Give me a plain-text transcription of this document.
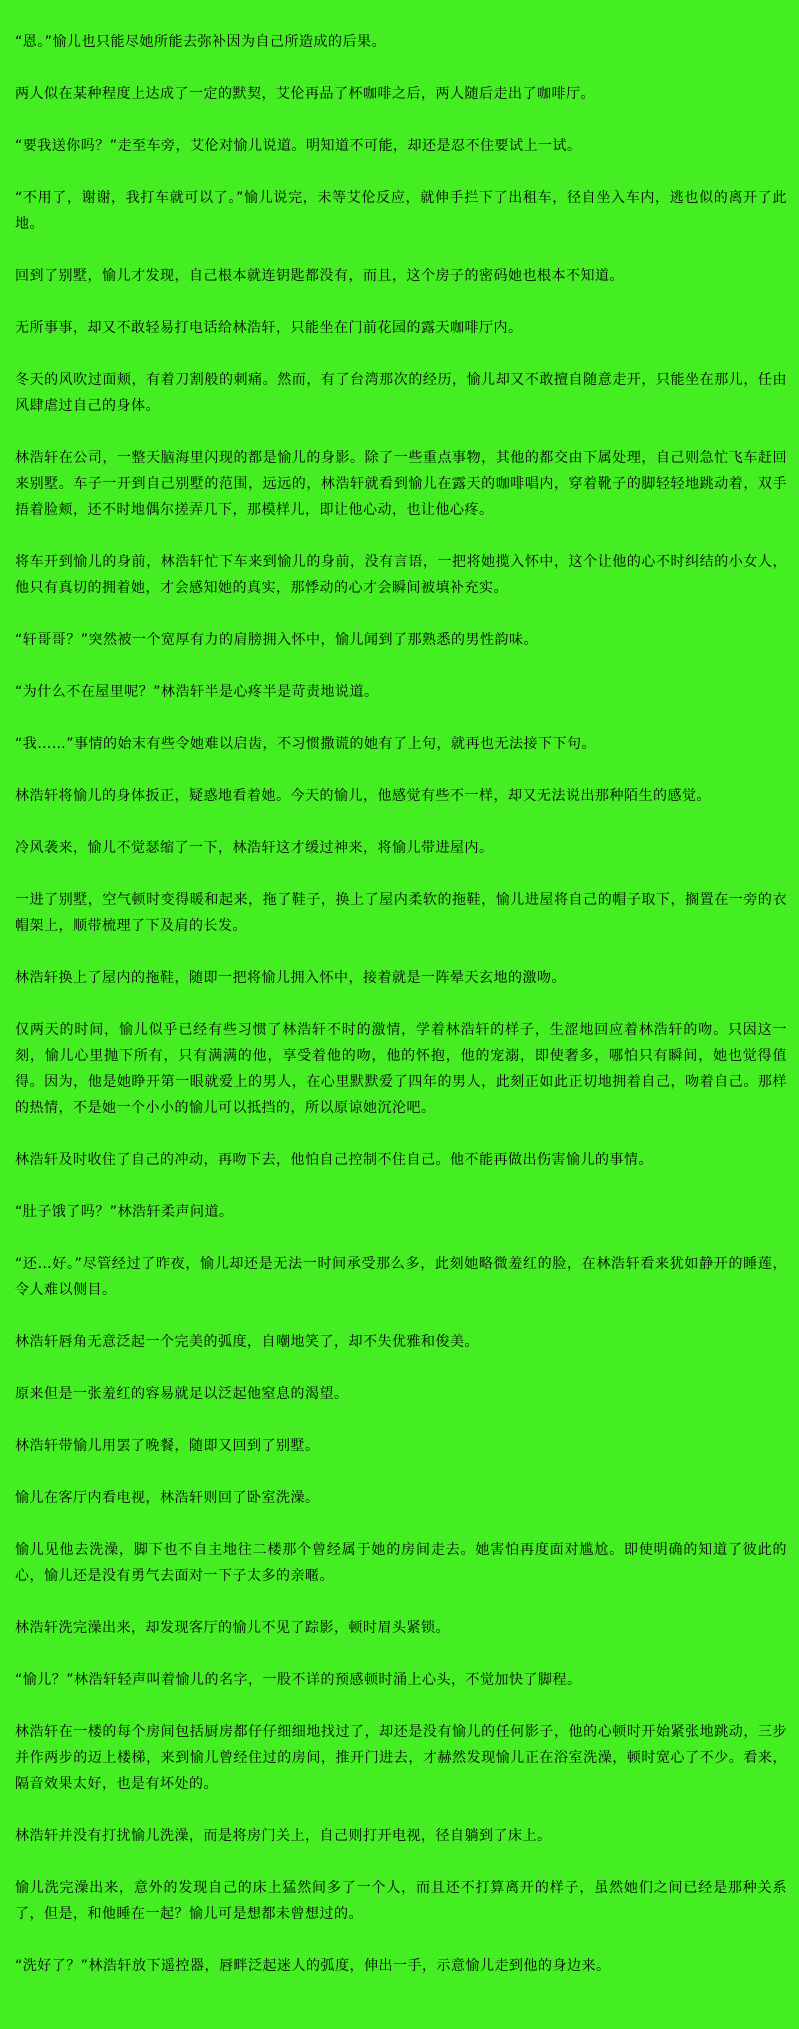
“恩。”愉儿也只能尽她所能去弥补因为自己所造成的后果。

两人似在某种程度上达成了一定的默契，艾伦再品了杯咖啡之后，两人随后走出了咖啡厅。

“要我送你吗？”走至车旁，艾伦对愉儿说道。明知道不可能，却还是忍不住要试上一试。

“不用了，谢谢，我打车就可以了。”愉儿说完，未等艾伦反应，就伸手拦下了出租车，径自坐入车内，逃也似的离开了此地。

回到了别墅，愉儿才发现，自己根本就连钥匙都没有，而且，这个房子的密码她也根本不知道。

无所事事，却又不敢轻易打电话给林浩轩，只能坐在门前花园的露天咖啡厅内。

冬天的风吹过面颊，有着刀割般的刺痛。然而，有了台湾那次的经历，愉儿却又不敢擅自随意走开，只能坐在那儿，任由风肆虐过自己的身体。

林浩轩在公司，一整天脑海里闪现的都是愉儿的身影。除了一些重点事物，其他的都交由下属处理，自己则急忙飞车赶回来别墅。车子一开到自己别墅的范围，远远的，林浩轩就看到愉儿在露天的咖啡唱内，穿着靴子的脚轻轻地跳动着，双手捂着脸颊，还不时地偶尔搓弄几下，那模样儿，即让他心动，也让他心疼。

将车开到愉儿的身前，林浩轩忙下车来到愉儿的身前，没有言语，一把将她揽入怀中，这个让他的心不时纠结的小女人，他只有真切的拥着她，才会感知她的真实，那悸动的心才会瞬间被填补充实。

“轩哥哥？”突然被一个宽厚有力的肩膀拥入怀中，愉儿闻到了那熟悉的男性韵味。

“为什么不在屋里呢？”林浩轩半是心疼半是苛责地说道。

“我……”事情的始末有些令她难以启齿，不习惯撒谎的她有了上句，就再也无法接下下句。

林浩轩将愉儿的身体扳正，疑惑地看着她。今天的愉儿，他感觉有些不一样，却又无法说出那种陌生的感觉。

冷风袭来，愉儿不觉瑟缩了一下，林浩轩这才缓过神来，将愉儿带进屋内。

一进了别墅，空气顿时变得暖和起来，拖了鞋子，换上了屋内柔软的拖鞋，愉儿进屋将自己的帽子取下，搁置在一旁的衣帽架上，顺带梳理了下及肩的长发。

林浩轩换上了屋内的拖鞋，随即一把将愉儿拥入怀中，接着就是一阵晕天玄地的激吻。

仅两天的时间，愉儿似乎已经有些习惯了林浩轩不时的激情，学着林浩轩的样子，生涩地回应着林浩轩的吻。只因这一刻，愉儿心里抛下所有，只有满满的他，享受着他的吻，他的怀抱，他的宠溺，即使奢多，哪怕只有瞬间，她也觉得值得。因为，他是她睁开第一眼就爱上的男人，在心里默默爱了四年的男人，此刻正如此正切地拥着自己，吻着自己。那样的热情，不是她一个小小的愉儿可以抵挡的，所以原谅她沉沦吧。

林浩轩及时收住了自己的冲动，再吻下去，他怕自己控制不住自己。他不能再做出伤害愉儿的事情。

“肚子饿了吗？”林浩轩柔声问道。

“还…好。”尽管经过了昨夜，愉儿却还是无法一时间承受那么多，此刻她略微羞红的脸，在林浩轩看来犹如静开的睡莲，令人难以侧目。

林浩轩唇角无意泛起一个完美的弧度，自嘲地笑了，却不失优雅和俊美。

原来但是一张羞红的容易就足以泛起他窒息的渴望。

林浩轩带愉儿用罢了晚餐，随即又回到了别墅。

愉儿在客厅内看电视，林浩轩则回了卧室洗澡。

愉儿见他去洗澡，脚下也不自主地往二楼那个曾经属于她的房间走去。她害怕再度面对尴尬。即使明确的知道了彼此的心，愉儿还是没有勇气去面对一下子太多的亲暱。

林浩轩洗完澡出来，却发现客厅的愉儿不见了踪影，顿时眉头紧锁。

“愉儿？”林浩轩轻声叫着愉儿的名字，一股不详的预感顿时涌上心头，不觉加快了脚程。

林浩轩在一楼的每个房间包括厨房都仔仔细细地找过了，却还是没有愉儿的任何影子，他的心顿时开始紧张地跳动，三步并作两步的迈上楼梯，来到愉儿曾经住过的房间，推开门进去，才赫然发现愉儿正在浴室洗澡，顿时宽心了不少。看来，隔音效果太好，也是有坏处的。

林浩轩并没有打扰愉儿洗澡，而是将房门关上，自己则打开电视，径自躺到了床上。

愉儿洗完澡出来，意外的发现自己的床上猛然间多了一个人，而且还不打算离开的样子，虽然她们之间已经是那种关系了，但是，和他睡在一起？愉儿可是想都未曾想过的。

“洗好了？”林浩轩放下遥控器，唇畔泛起迷人的弧度，伸出一手，示意愉儿走到他的身边来。
